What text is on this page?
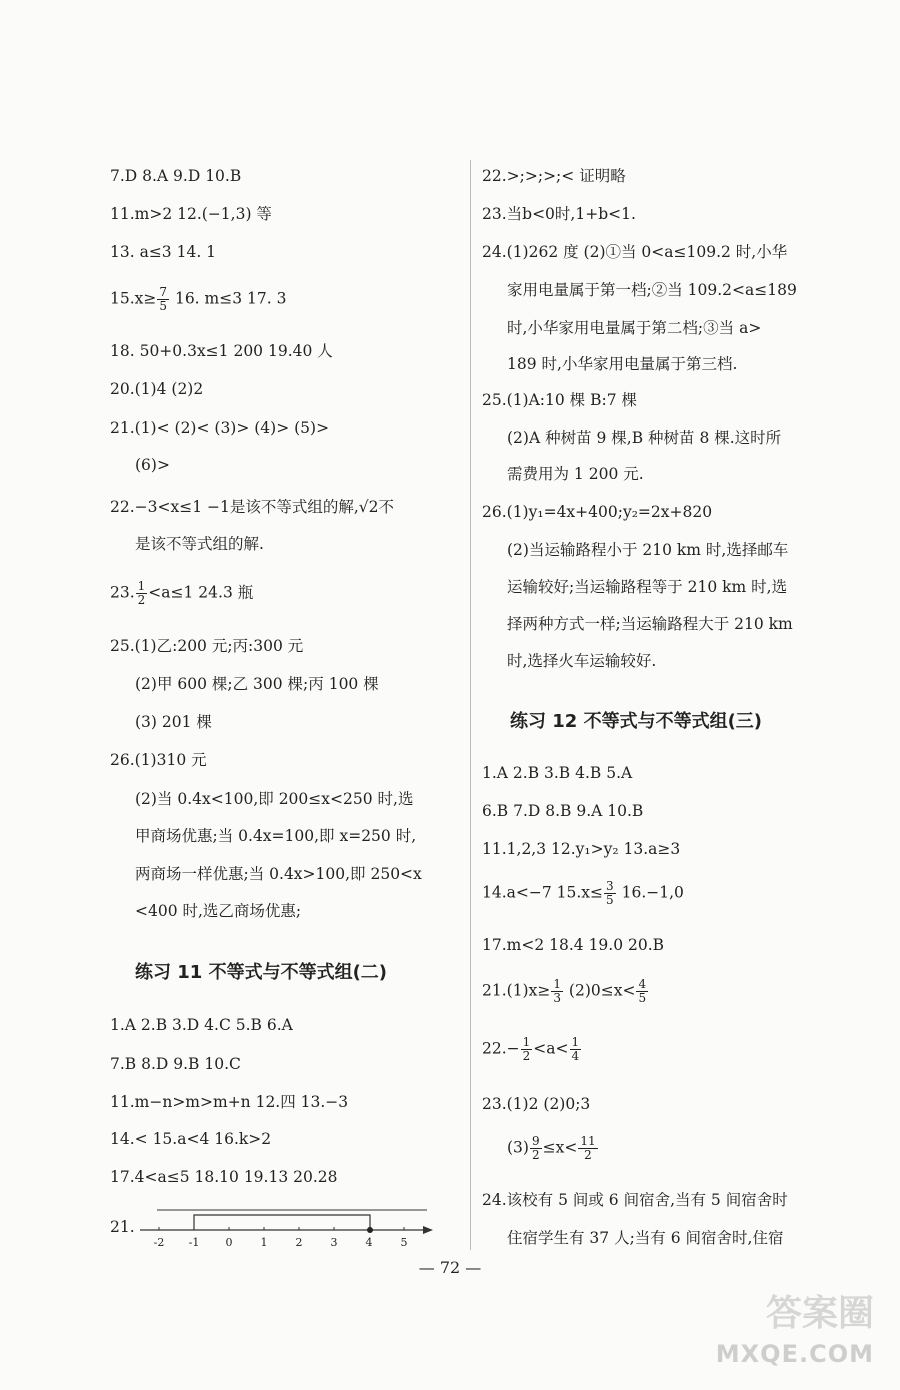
7.D 8.A 9.D 10.B
11.m>2 12.(−1,3) 等
13. a≤3 14. 1
$15.x\ge \frac{7}{5} 16$. m≤3 17. 3
18. 50+0.3x≤1 200 19.40 人
20.(1)4 (2)2
21.(1)< (2)< (3)> (4)> (5)>
(6)>
22.−3<x≤1 −1是该不等式组的解,√2不
是该不等式组的解.
23. $\frac{1}{2} <a\le 1$ 24.3 瓶
25.(1)乙:200 元;丙:300 元
(2)甲 600 棵;乙 300 棵;丙 100 棵
(3) 201 棵
26.(1)310 元
(2)当 0.4x<100,即 200≤x<250 时,选
甲商场优惠;当 0.4x=100,即 x=250 时,
两商场一样优惠;当 0.4x>100,即 250<x
<400 时,选乙商场优惠;
练习 11 不等式与不等式组(二)
1.A 2.B 3.D 4.C 5.B 6.A
7.B 8.D 9.B 10.C
11.m−n>m>m+n 12.四 13.−3
14.< 15.a<4 16.k>2
17.4<a≤5 18.10 19.13 20.28
21.
-2 -1 0	1	2	3	4	5
22.>;>;>;< 证明略
23.当b<0时,1+b<1.
24.(1)262 度 (2)①当 0<a≤109.2 时,小华
家用电量属于第一档;②当 109.2<a≤189
时,小华家用电量属于第二档;③当 a>
189 时,小华家用电量属于第三档.
25.(1)A:10 棵 B:7 棵
(2)A 种树苗 9 棵,B 种树苗 8 棵.这时所
需费用为 1 200 元.
26.(1)y₁=4x+400;y₂=2x+820
(2)当运输路程小于 210 km 时,选择邮车
运输较好;当运输路程等于 210 km 时,选
择两种方式一样;当运输路程大于 210 km
时,选择火车运输较好.
练习 12 不等式与不等式组(三)
1.A 2.B 3.B 4.B 5.A
6.B 7.D 8.B 9.A 10.B
11.1,2,3 12.y₁>y₂ 13.a≥3
14.a<−7 $15.x\le \frac{3}{5} 16.-1,0$
17.m<2 18.4 19.0 20.B
$21.(1)x\ge \frac{1}{3} (2)0\le x< \frac{4}{5}$
$22.- \frac{1}{2} <a< \frac{1}{4}$
23.(1)2 (2)0;3
$(3) \frac{9}{2} \le x< \frac{11}{2}$
24.该校有 5 间或 6 间宿舍,当有 5 间宿舍时
住宿学生有 37 人;当有 6 间宿舍时,住宿
— 72 —
答案圈
MXQE.COM
